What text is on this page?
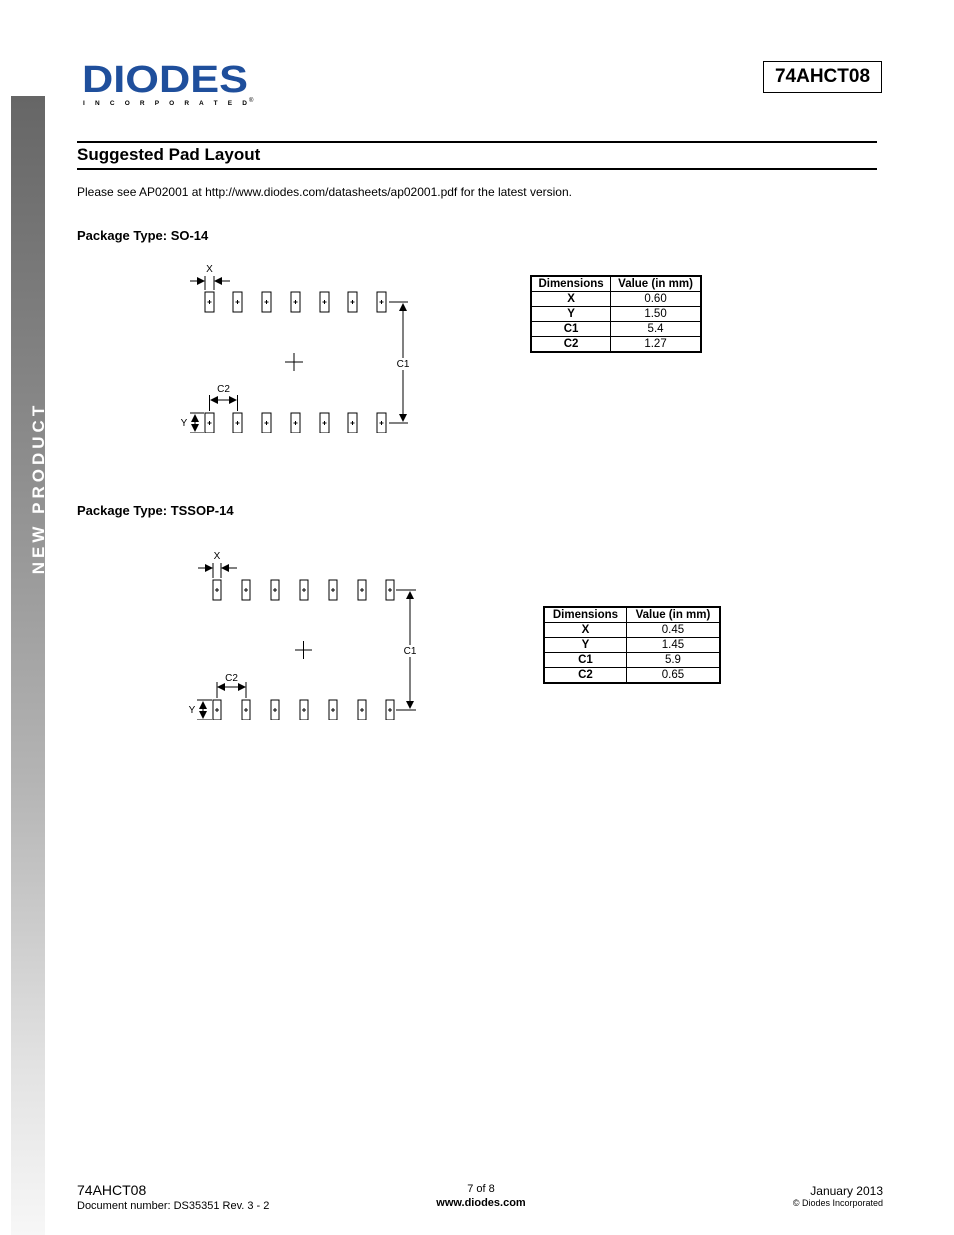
NEW PRODUCT
DIODES
I N C O R P O R A T E D ®
74AHCT08
Suggested Pad Layout
Please see AP02001 at http://www.diodes.com/datasheets/ap02001.pdf for the latest version.
Package Type: SO-14
X
C1
C2
Y
Dimensions	Value (in mm)
X	0.60
Y	1.50
C1	5.4
C2	1.27
Package Type: TSSOP-14
X
C1
C2
Y
Dimensions	Value (in mm)
X	0.45
Y	1.45
C1	5.9
C2	0.65
74AHCT08
Document number: DS35351 Rev. 3 - 2
7 of 8
www.diodes.com
January 2013
© Diodes Incorporated
